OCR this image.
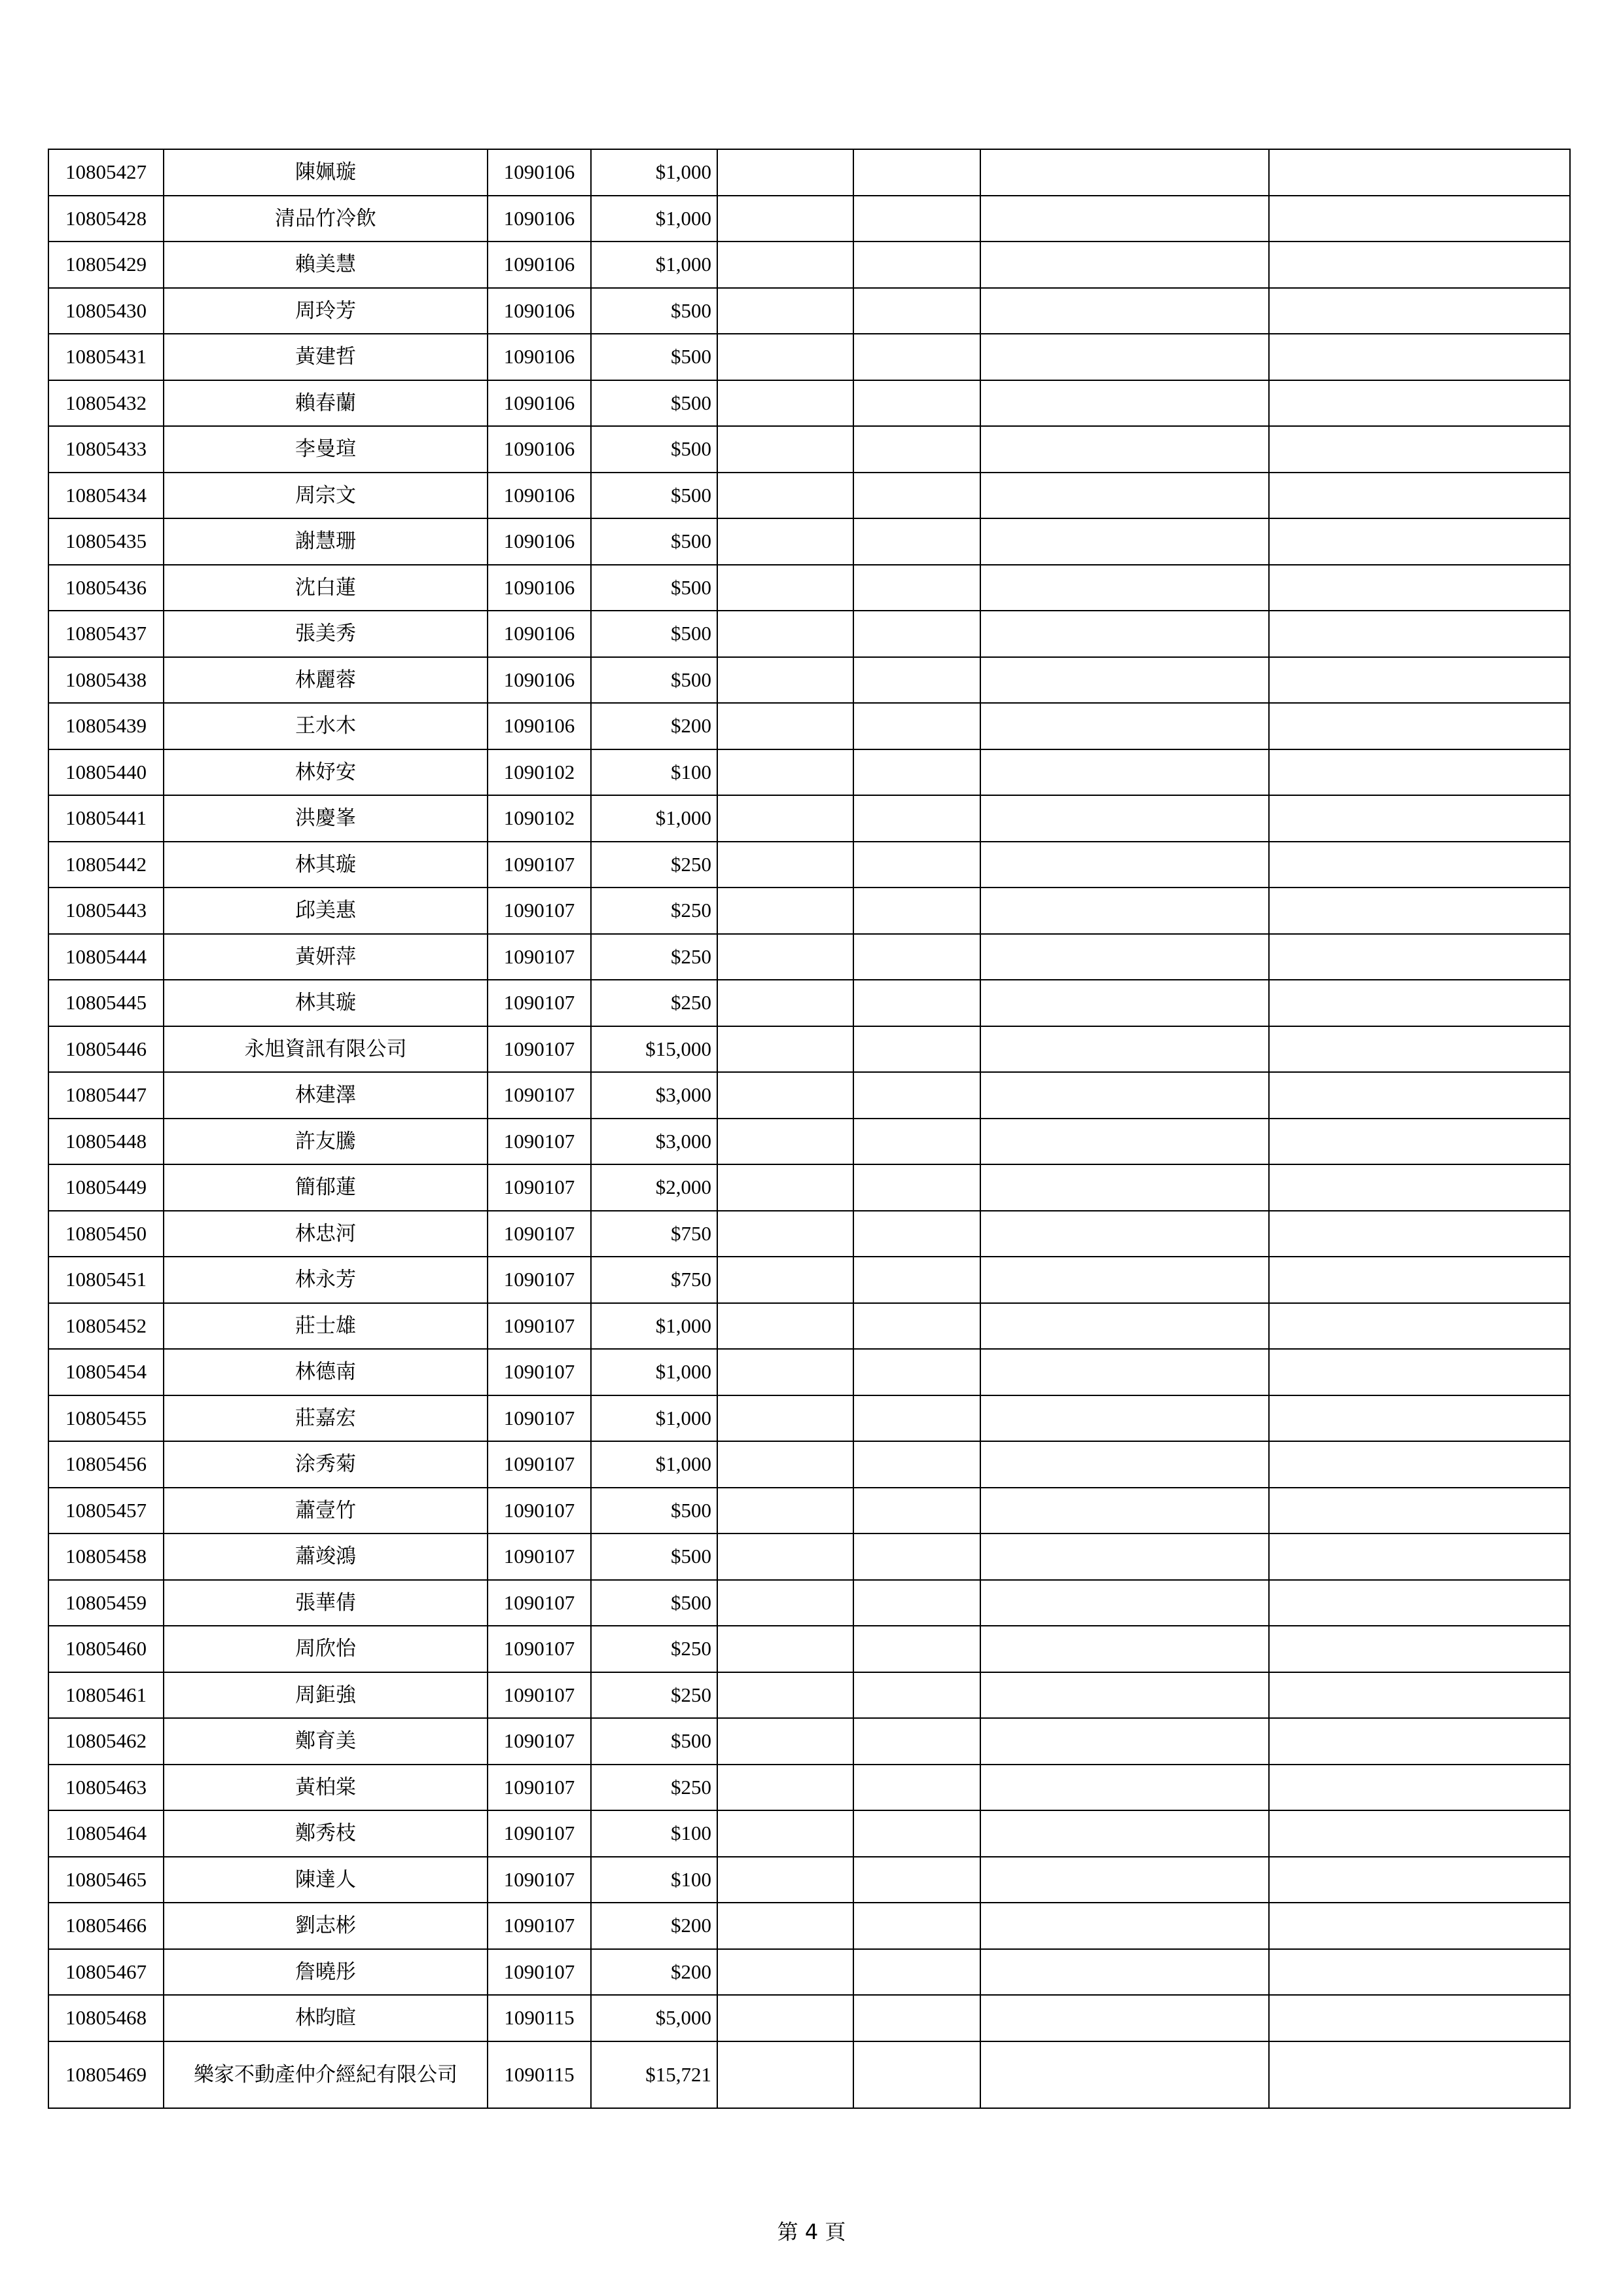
10805427	陳姵璇	1090106	$1,000				
10805428	清品竹冷飲	1090106	$1,000				
10805429	賴美慧	1090106	$1,000				
10805430	周玲芳	1090106	$500				
10805431	黃建哲	1090106	$500				
10805432	賴春蘭	1090106	$500				
10805433	李曼瑄	1090106	$500				
10805434	周宗文	1090106	$500				
10805435	謝慧珊	1090106	$500				
10805436	沈白蓮	1090106	$500				
10805437	張美秀	1090106	$500				
10805438	林麗蓉	1090106	$500				
10805439	王水木	1090106	$200				
10805440	林妤安	1090102	$100				
10805441	洪慶峯	1090102	$1,000				
10805442	林其璇	1090107	$250				
10805443	邱美惠	1090107	$250				
10805444	黃妍萍	1090107	$250				
10805445	林其璇	1090107	$250				
10805446	永旭資訊有限公司	1090107	$15,000				
10805447	林建澤	1090107	$3,000				
10805448	許友騰	1090107	$3,000				
10805449	簡郁蓮	1090107	$2,000				
10805450	林忠河	1090107	$750				
10805451	林永芳	1090107	$750				
10805452	莊士雄	1090107	$1,000				
10805454	林德南	1090107	$1,000				
10805455	莊嘉宏	1090107	$1,000				
10805456	涂秀菊	1090107	$1,000				
10805457	蕭壹竹	1090107	$500				
10805458	蕭竣鴻	1090107	$500				
10805459	張華倩	1090107	$500				
10805460	周欣怡	1090107	$250				
10805461	周鉅強	1090107	$250				
10805462	鄭育美	1090107	$500				
10805463	黃柏棠	1090107	$250				
10805464	鄭秀枝	1090107	$100				
10805465	陳達人	1090107	$100				
10805466	劉志彬	1090107	$200				
10805467	詹曉彤	1090107	$200				
10805468	林昀暄	1090115	$5,000				
10805469	樂家不動產仲介經紀有限公司	1090115	$15,721				
第 4 頁
